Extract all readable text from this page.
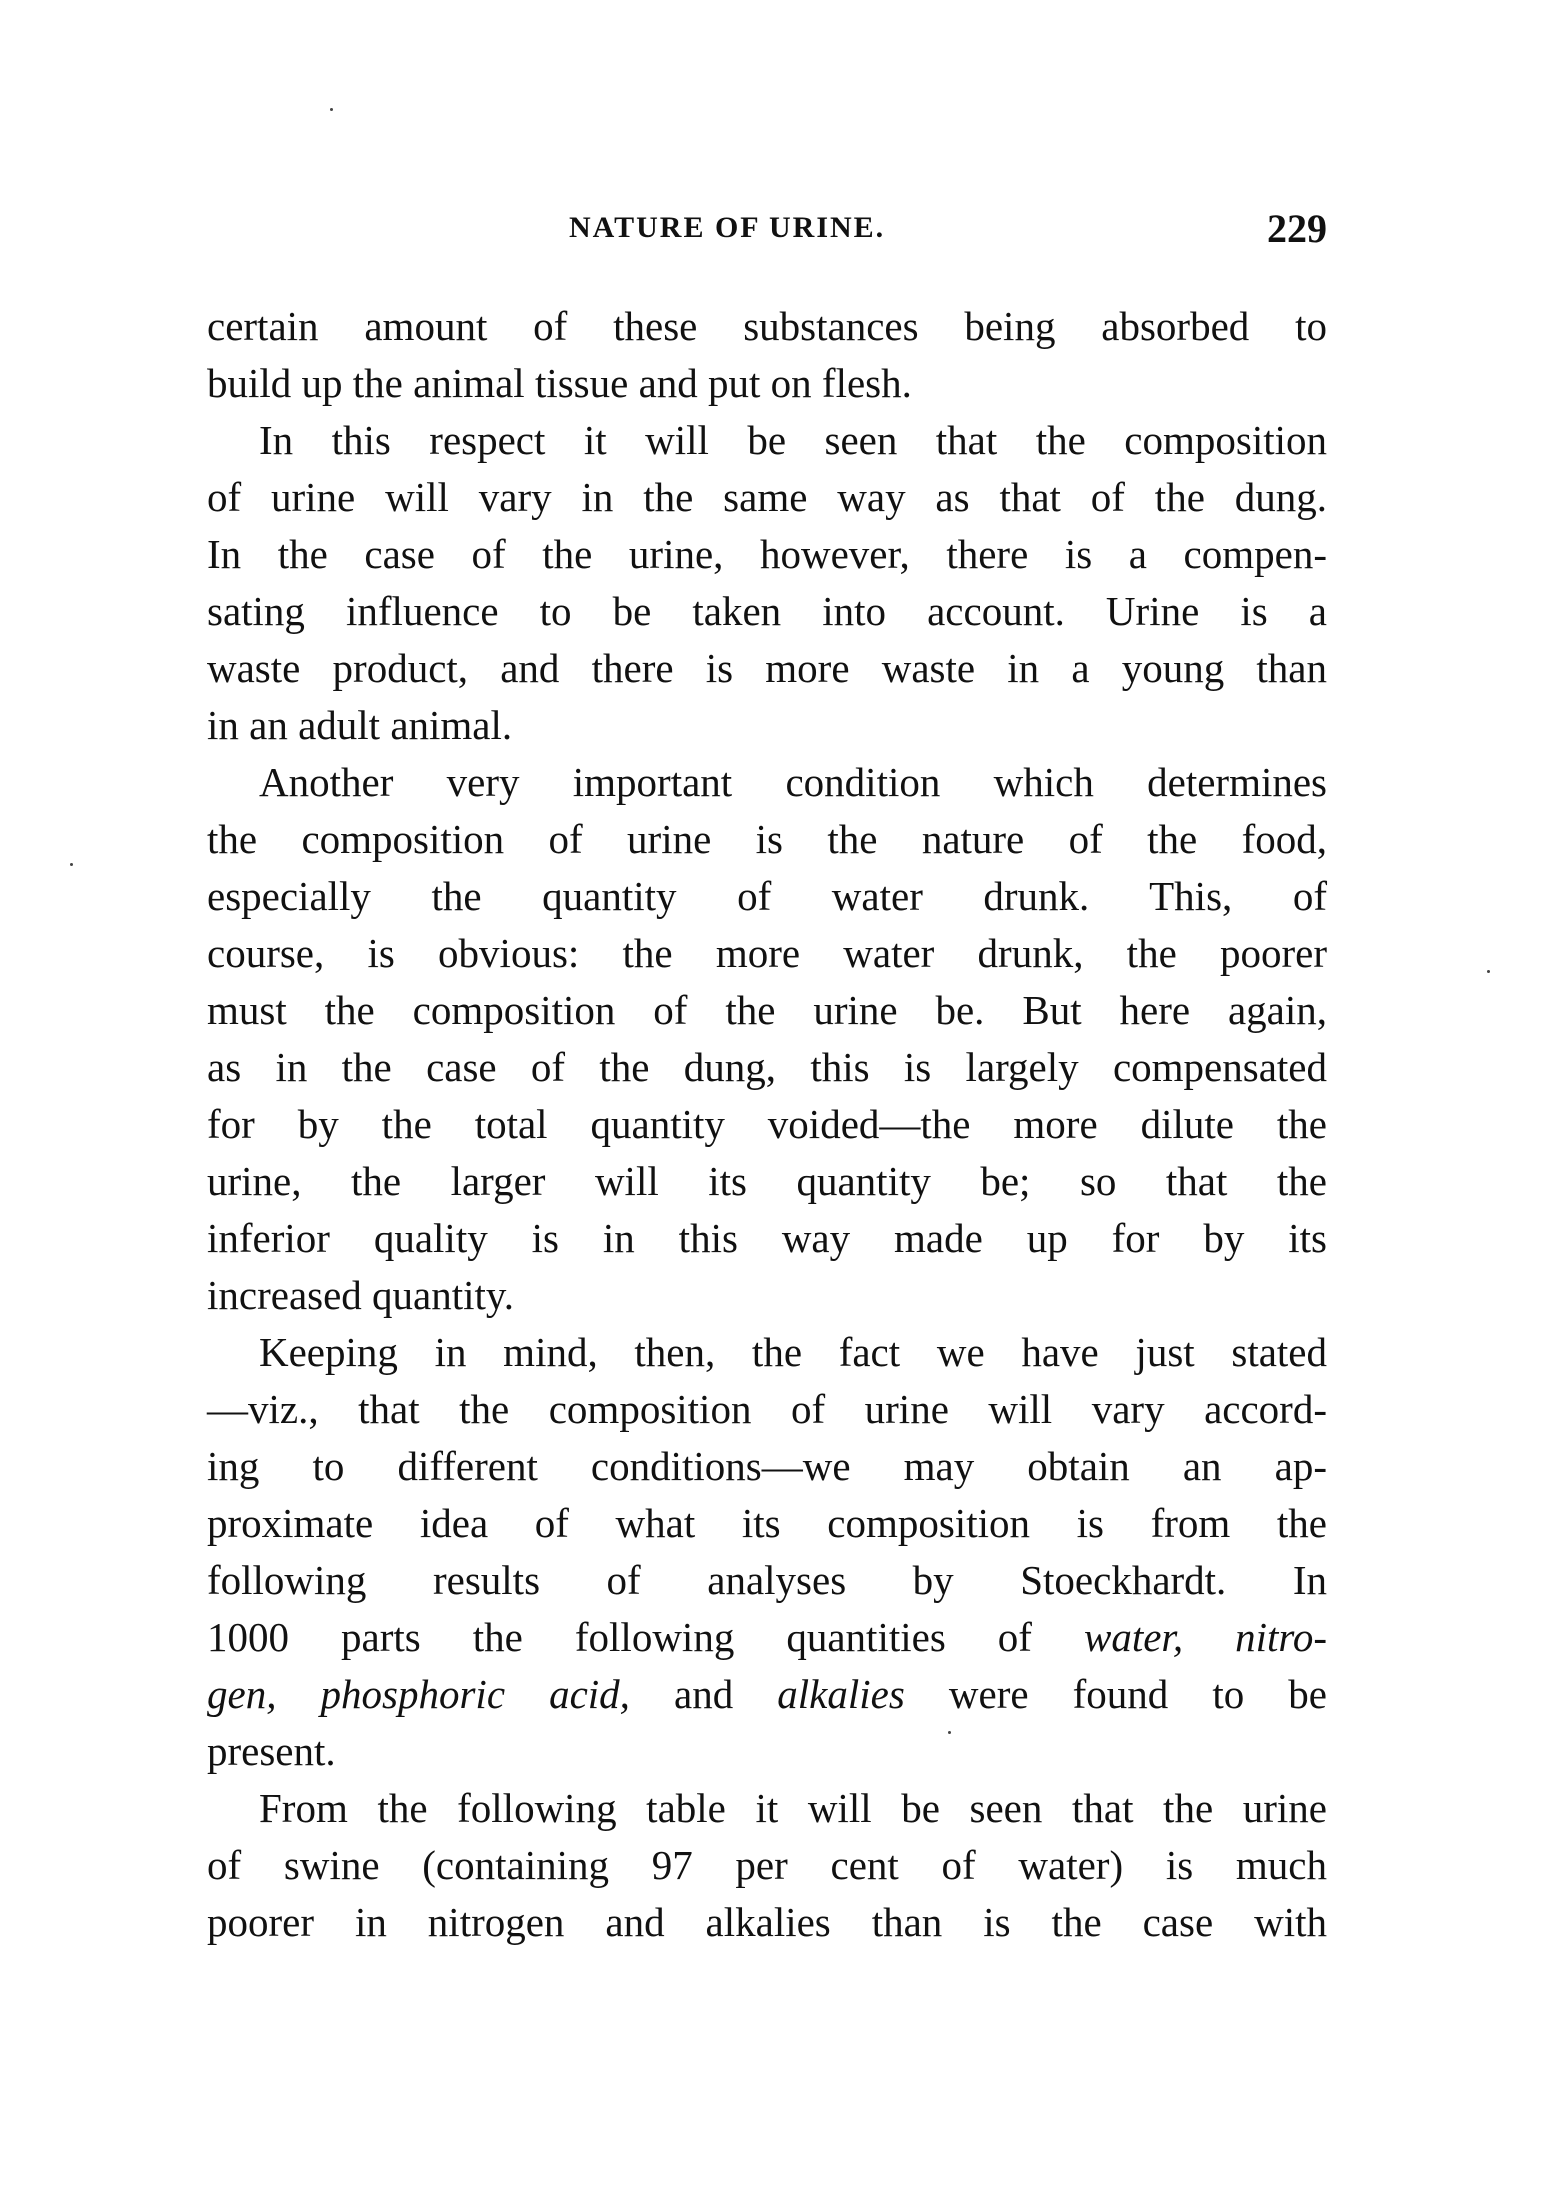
NATURE OF URINE.	229
certain amount of these substances being absorbed to
build up the animal tissue and put on flesh.
In this respect it will be seen that the composition
of urine will vary in the same way as that of the dung.
In the case of the urine, however, there is a compen-
sating influence to be taken into account. Urine is a
waste product, and there is more waste in a young than
in an adult animal.
Another very important condition which determines
the composition of urine is the nature of the food,
especially the quantity of water drunk. This, of
course, is obvious: the more water drunk, the poorer
must the composition of the urine be. But here again,
as in the case of the dung, this is largely compensated
for by the total quantity voided—the more dilute the
urine, the larger will its quantity be; so that the
inferior quality is in this way made up for by its
increased quantity.
Keeping in mind, then, the fact we have just stated
—viz., that the composition of urine will vary accord-
ing to different conditions—we may obtain an ap-
proximate idea of what its composition is from the
following results of analyses by Stoeckhardt. In
1000 parts the following quantities of water, nitro-
gen, phosphoric acid, and alkalies were found to be
present.
From the following table it will be seen that the urine
of swine (containing 97 per cent of water) is much
poorer in nitrogen and alkalies than is the case with
